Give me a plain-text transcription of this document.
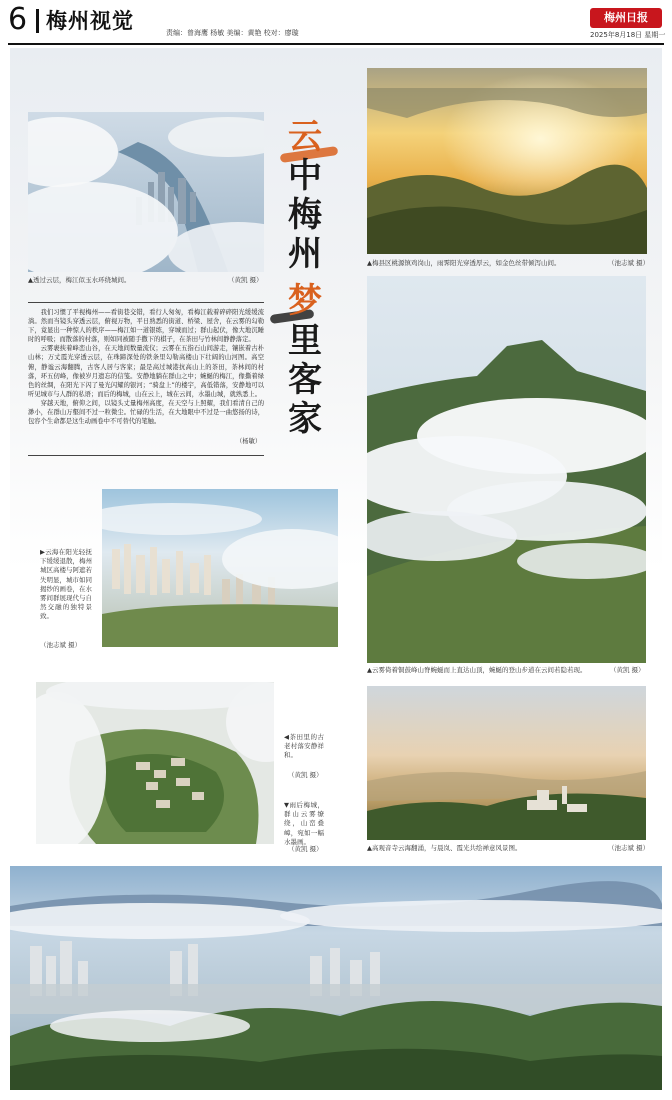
6 梅州视觉	责编：曾海鹰 杨敏 美编：黄艳 校对：廖璇
梅州日报
2025年8月18日 星期一
▲透过云层，梅江似玉水环绕城间。	（黄凯 摄）
云
中
梅
州
梦
里
客
家
▲梅县区桃源镇鸡岗山，雨霁阳光穿透厚云，如金色丝带倾泻山间。	（池志斌 摄）

我们习惯了平视梅州——看街巷交错，看行人匆匆，看梅江载着碎碎阳光缓缓流淌。然而当镜头穿透云层，俯视万物，平日熟悉的街道、桥梁、屋舍，在云雾的勾勒下，竟显出一种惊人的秩序——梅江如一道银练，穿城而过；群山起伏，像大地沉睡时的呼吸；而散落的村落，则如同被随手撒下的棋子，在茶田与竹林间静静落定。

云雾裹挟着峰峦山谷，在天地间数量流仪；云雾在五指石山间游走，镶嵌着古朴山林；万丈霞光穿透云层，在珠蹄深处的铁条里勾勒高楼山下壮阔的山河图。高空俯，静谧云海翻腾，古客人居与客家；最是高过城港抗高山上的茶田，茶林间的村落，环五仞峰，像被岁月遗忘的信笺。安静地躺在群山之中；蜿蜒的梅江，像撕着绿色的丝绸，在阳光下闪了曼光闪耀的银河；“骑盘上”的楼宇，高低错落，安静地可以听见城市与人群的私语；而后的梅城，山在云上，城在云间，水墨山城，就熟悉上。

穿越天地，俯仰之间，以镜头丈量梅州高度，在天空与上照耀，我们看清自己的渺小，在群山万壑间不过一粒微尘。忙碌的生活，在大地眼中不过是一曲悠扬的诗，包容个生命都是这生动画卷中不可替代的笔触。

（杨敏）
▲云雾倚着铜鼓峰山脊蜿蜒而上直达山顶，蜿蜒的登山步道在云间若隐若现。	（黄凯 摄）
▶云海在阳光轻抚下缓缓退散，梅州城区高楼与阿遮若失明显，城市如同揭纱的画卷，在水雾间群展现代与自然交融的独特景致。
（池志斌 摄）
◀茶田里的古老村落安静祥和。
（黄凯 摄）
▼雨后梅城，群山云雾缭绕，山峦叠嶂，宛如一幅水墨画。
（黄凯 摄）	▲高观音寺云海翻涌，与晨岚、霞光共绘禅意风景图。	（池志斌 摄）
